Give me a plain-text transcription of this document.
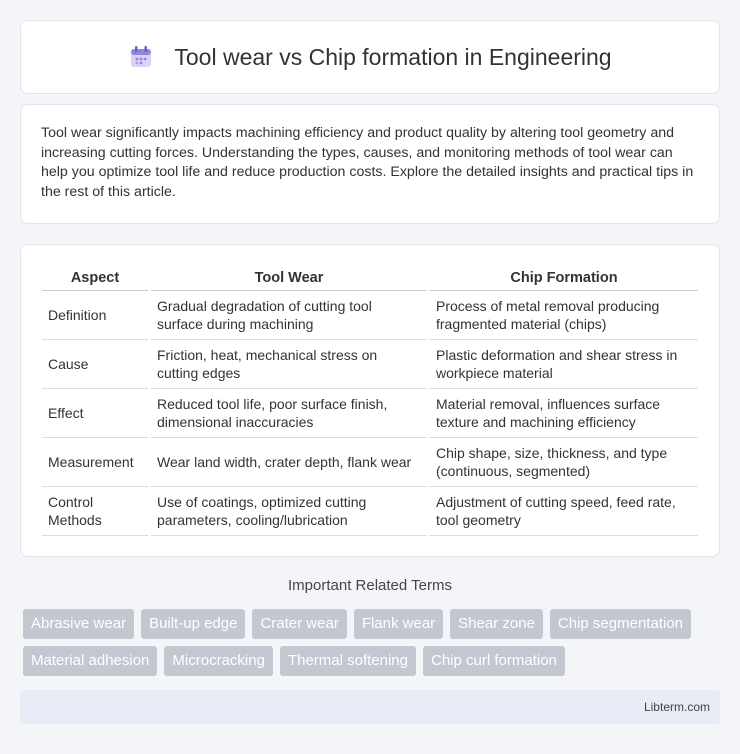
Tool wear vs Chip formation in Engineering

Tool wear significantly impacts machining efficiency and product quality by altering tool geometry and increasing cutting forces. Understanding the types, causes, and monitoring methods of tool wear can help you optimize tool life and reduce production costs. Explore the detailed insights and practical tips in the rest of this article.

Aspect	Tool Wear	Chip Formation
Definition	Gradual degradation of cutting tool surface during machining	Process of metal removal producing fragmented material (chips)
Cause	Friction, heat, mechanical stress on cutting edges	Plastic deformation and shear stress in workpiece material
Effect	Reduced tool life, poor surface finish, dimensional inaccuracies	Material removal, influences surface texture and machining efficiency
Measurement	Wear land width, crater depth, flank wear	Chip shape, size, thickness, and type (continuous, segmented)
Control Methods	Use of coatings, optimized cutting parameters, cooling/lubrication	Adjustment of cutting speed, feed rate, tool geometry
Important Related Terms
Abrasive wear	Built-up edge	Crater wear	Flank wear	Shear zone	Chip segmentation
Material adhesion	Microcracking	Thermal softening	Chip curl formation
Libterm.com
